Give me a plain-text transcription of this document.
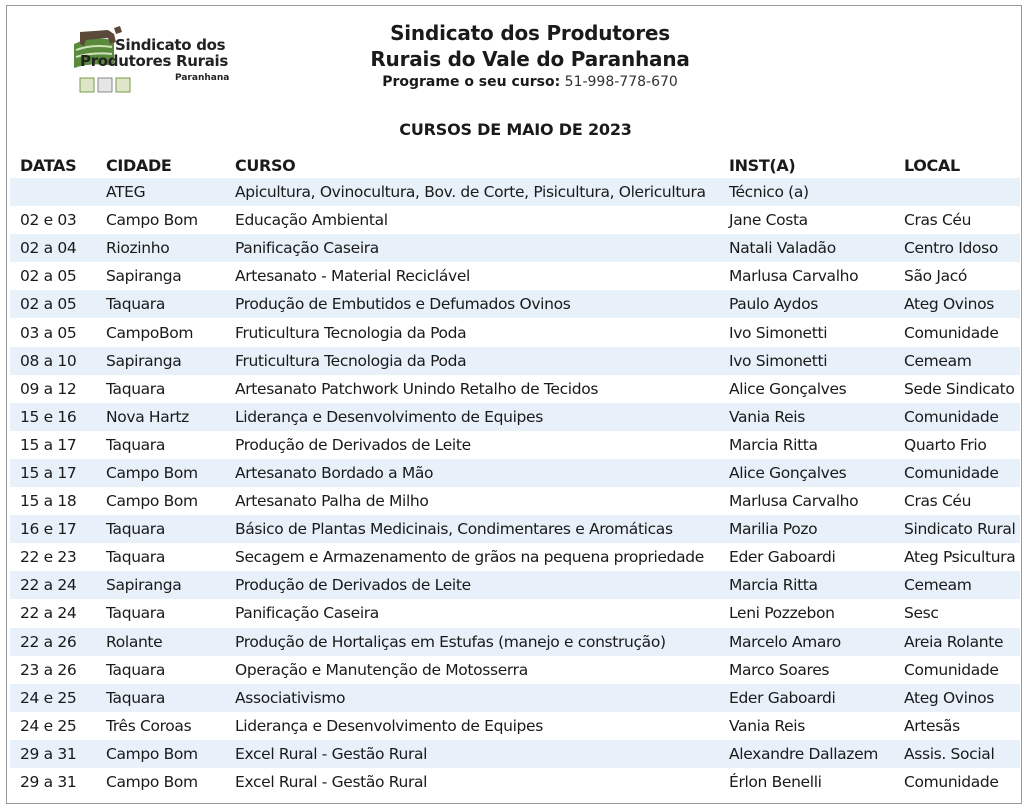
Sindicato dos
Produtores Rurais
Paranhana
Sindicato dos Produtores
Rurais do Vale do Paranhana
Programe o seu curso: 51-998-778-670
CURSOS DE MAIO DE 2023
DATAS	CIDADE	CURSO	INST(A)	LOCAL
	ATEG	Apicultura, Ovinocultura, Bov. de Corte, Pisicultura, Olericultura	Técnico (a)	
02 e 03	Campo Bom	Educação Ambiental	Jane Costa	Cras Céu
02 a 04	Riozinho	Panificação Caseira	Natali Valadão	Centro Idoso
02 a 05	Sapiranga	Artesanato - Material Reciclável	Marlusa Carvalho	São Jacó
02 a 05	Taquara	Produção de Embutidos e Defumados Ovinos	Paulo Aydos	Ateg Ovinos
03 a 05	CampoBom	Fruticultura Tecnologia da Poda	Ivo Simonetti	Comunidade
08 a 10	Sapiranga	Fruticultura Tecnologia da Poda	Ivo Simonetti	Cemeam
09 a 12	Taquara	Artesanato Patchwork Unindo Retalho de Tecidos	Alice Gonçalves	Sede Sindicato
15 e 16	Nova Hartz	Liderança e Desenvolvimento de Equipes	Vania Reis	Comunidade
15 a 17	Taquara	Produção de Derivados de Leite	Marcia Ritta	Quarto Frio
15 a 17	Campo Bom	Artesanato Bordado a Mão	Alice Gonçalves	Comunidade
15 a 18	Campo Bom	Artesanato Palha de Milho	Marlusa Carvalho	Cras Céu
16 e 17	Taquara	Básico de Plantas Medicinais, Condimentares e Aromáticas	Marilia Pozo	Sindicato Rural
22 e 23	Taquara	Secagem e Armazenamento de grãos na pequena propriedade	Eder Gaboardi	Ateg Psicultura
22 a 24	Sapiranga	Produção de Derivados de Leite	Marcia Ritta	Cemeam
22 a 24	Taquara	Panificação Caseira	Leni Pozzebon	Sesc
22 a 26	Rolante	Produção de Hortaliças em Estufas (manejo e construção)	Marcelo Amaro	Areia Rolante
23 a 26	Taquara	Operação e Manutenção de Motosserra	Marco Soares	Comunidade
24 e 25	Taquara	Associativismo	Eder Gaboardi	Ateg Ovinos
24 e 25	Três Coroas	Liderança e Desenvolvimento de Equipes	Vania Reis	Artesãs
29 a 31	Campo Bom	Excel Rural - Gestão Rural	Alexandre Dallazem	Assis. Social
29 a 31	Campo Bom	Excel Rural - Gestão Rural	Érlon Benelli	Comunidade
